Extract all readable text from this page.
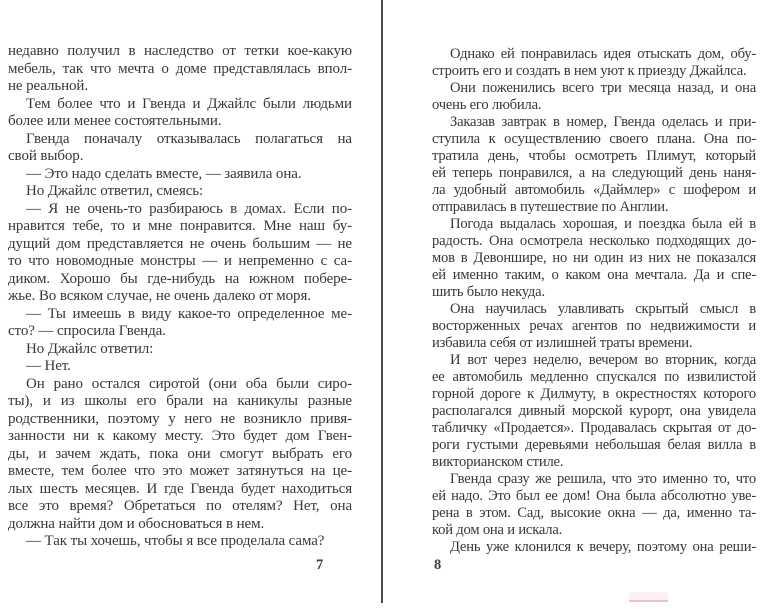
недавно получил в наследство от тетки кое-какую
мебель, так что мечта о доме представлялась впол-
не реальной.
Тем более что и Гвенда и Джайлс были людьми
более или менее состоятельными.
Гвенда поначалу отказывалась полагаться на
свой выбор.
— Это надо сделать вместе, — заявила она.
Но Джайлс ответил, смеясь:
— Я не очень-то разбираюсь в домах. Если по-
нравится тебе, то и мне понравится. Мне наш бу-
дущий дом представляется не очень большим — не
то что новомодные монстры — и непременно с са-
диком. Хорошо бы где-нибудь на южном побере-
жье. Во всяком случае, не очень далеко от моря.
— Ты имеешь в виду какое-то определенное ме-
сто? — спросила Гвенда.
Но Джайлс ответил:
— Нет.
Он рано остался сиротой (они оба были сиро-
ты), и из школы его брали на каникулы разные
родственники, поэтому у него не возникло привя-
занности ни к какому месту. Это будет дом Гвен-
ды, и зачем ждать, пока они смогут выбрать его
вместе, тем более что это может затянуться на це-
лых шесть месяцев. И где Гвенда будет находиться
все это время? Обретаться по отелям? Нет, она
должна найти дом и обосноваться в нем.
— Так ты хочешь, чтобы я все проделала сама?
Однако ей понравилась идея отыскать дом, обу-
строить его и создать в нем уют к приезду Джайлса.
Они поженились всего три месяца назад, и она
очень его любила.
Заказав завтрак в номер, Гвенда оделась и при-
ступила к осуществлению своего плана. Она по-
тратила день, чтобы осмотреть Плимут, который
ей теперь понравился, а на следующий день наня-
ла удобный автомобиль «Даймлер» с шофером и
отправилась в путешествие по Англии.
Погода выдалась хорошая, и поездка была ей в
радость. Она осмотрела несколько подходящих до-
мов в Девоншире, но ни один из них не показался
ей именно таким, о каком она мечтала. Да и спе-
шить было некуда.
Она научилась улавливать скрытый смысл в
восторженных речах агентов по недвижимости и
избавила себя от излишней траты времени.
И вот через неделю, вечером во вторник, когда
ее автомобиль медленно спускался по извилистой
горной дороге к Дилмуту, в окрестностях которого
располагался дивный морской курорт, она увидела
табличку «Продается». Продавалась скрытая от до-
роги густыми деревьями небольшая белая вилла в
викторианском стиле.
Гвенда сразу же решила, что это именно то, что
ей надо. Это был ее дом! Она была абсолютно уве-
рена в этом. Сад, высокие окна — да, именно та-
кой дом она и искала.
День уже клонился к вечеру, поэтому она реши-
7	8
